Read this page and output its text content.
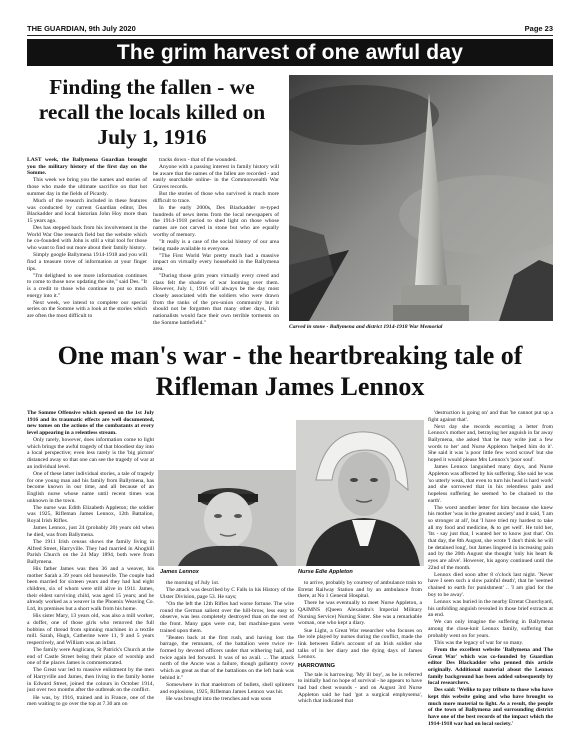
THE GUARDIAN, 9th July 2020	Page 23
The grim harvest of one awful day
Finding the fallen - we recall the locals killed on July 1, 1916

LAST week, the Ballymena Guardian brought you the military history of the first day on the Somme.

This week we bring you the names and stories of those who made the ultimate sacrifice on that hot summer day in the fields of Picardy.

Much of the research included in these features was conducted by current Guardian editor, Des Blackadder and local historian John Hoy more than 15 years ago.

Des has stepped back from his involvement in the World War One research field but the website which he co-founded with John is still a vital tool for those who want to find out more about their family history.

Simply google Ballymena 1914-1918 and you will find a treasure trove of information at your finger tips.

"I'm delighted to see more information continues to come to those now updating the site," said Des. "It is a credit to those who continue to put so much energy into it."

Next week, we intend to complete our special series on the Somme with a look at the stories which are often the most difficult to

tracks down - that of the wounded.

Anyone with a passing interest in family history will be aware that the names of the fallen are recorded - and easily searchable online- in the Commonwealth War Graves records.

But the stories of those who survived is much more difficult to trace.

In the early 2000s, Des Blackadder re-typed hundreds of news items from the local newspapers of the 1914-1918 period to shed light on those whose names are not carved in stone but who are equally worthy of memory.

"It really is a case of the social history of our area being made available to everyone.

"The First World War pretty much had a massive impact on virtually every household in the Ballymena area.

"During those grim years virtually every creed and class felt the shadow of war looming over them. However, July 1, 1916 will always be the day most closely associated with the soldiers who were drawn from the ranks of the pro-union community but it should not be forgotten that many other days, Irish nationalists would face their own terrible torments on the Somme battlefield."

Carved in stone - Ballymena and district 1914-1918 War Memorial
One man's war - the heartbreaking tale of Rifleman James Lennox

The Somme Offensive which opened on the 1st July 1916 and its traumatic effects are well documented, new tomes on the actions of the combatants at every level appearing in a relentless stream.

Only rarely, however, does information come to light which brings the awful tragedy of that bloodiest day into a local perspective; even less rarely is the 'big picture' distanced away so that one can see the tragedy of war at an individual level.

One of these latter individual stories, a tale of tragedy for one young man and his family from Ballymena, has become known in our time, and all because of an English nurse whose name until recent times was unknown in the town.

The nurse was Edith Elizabeth Appleton; the soldier was 1925, Rifleman James Lennox, 12th Battalion, Royal Irish Rifles.

James Lennox, just 24 (probably 20) years old when he died, was from Ballymena.

The 1911 Irish census shows the family living in Alfred Street, Harryville. They had married in Ahoghill Parish Church on the 24 May 1894, both were from Ballymena.

His father James was then 36 and a weaver, his mother Sarah a 39 years old housewife. The couple had been married for sixteen years and they had had eight children, six of whom were still alive in 1911. James, their eldest surviving child, was aged 15 years; and he already worked as a weaver in the Phoenix Weaving Co. Ltd, its premises but a short walk from his home.

His sister Mary, 13 years old, was also a mill worker, a doffer, one of those girls who removed the full bobbins of thread from spinning machines in a textile mill. Sarah, Hugh, Catherine were 11, 9 and 5 years respectively, and William was an infant.

The family were Anglicans, St Patrick's Church at the end of Castle Street being their place of worship and one of the places James is commemorated.

The Great war led to massive enlistment by the men of Harryville and James, then living in the family home in Edward Street, joined the colours in October 1914, just over two months after the outbreak on the conflict.

He was, by 1916, trained and in France, one of the men waiting to go over the top at 7.30 am on

James Lennox	Nurse Edie Appleton

the morning of July 1st.

The attack was described by C Falls in his History of the Ulster Division, page 53. He says;

"On the left the 12th Rifles had worse fortune. The wire round the German salient over the hill-brow, less easy to observe, was less completely destroyed than on the rest of the front. Many gaps were cut, but machine-guns were trained upon them.

"Beaten back at the first rush, and having lost the barrage, the remnants, of the battalion were twice re-formed by devoted officers under that withering hail, and twice again led forward. It was of no avail. ... The attack north of the Ancre was a failure, though gallantry covey which as great as that of the battalions on the left bank was behind it."

Somewhere in that maelstrom of bullets, shell splinters and explosions, 1925, Rifleman James Lennox was hit.

He was brought into the trenches and was soon

to arrive, probably by courtesy of ambulance train to Etretat Railway Station and by an ambulance from there, at No 1 General Hospital.

There he was eventually to meet Nurse Appleton, a QAIMNS (Queen Alexandra's Imperial Military Nursing Service) Nursing Sister. She was a remarkable woman, one who kept a diary.

Sue Light, a Great War researcher who focuses on the role played by nurses during the conflict, made the link between Edie's account of an Irish soldier she talks of in her diary and the dying days of James Lennox.

HARROWING

The tale is harrowing. 'My ill boy', as he is referred to initially had no hope of survival - he appears to have had bad chest wounds - and on August 3rd Nurse Appleton said he had 'got a surgical emphysema', which that indicated that

'destruction is going on' and that 'he cannot put up a fight against that'.

Next day she records escorting a letter from Lennox's mother and, betraying her anguish in far away Ballymena, she asked 'that he may write just a few words to her' and Nurse Appleton 'helped him do it'. She said it was 'a poor little few word scrawl' but she hoped it would please Mrs Lennox's 'poor soul'.

James Lennox languished many days, and Nurse Appleton was affected by his suffering. She said he was 'so utterly weak, that even to turn his head is hard work' and she sorrowed that in his relentless pain and hopeless suffering he seemed 'to be chained to the earth'.

The worst another letter for him because she knew his mother 'was in the greatest anxiety' and it said, 'I am so stronger at all', but 'I have tried my hardest to take all my food and medicine, & to get well'. He told her, 'Its - say just that, I wanted her to know just that'. On that day, the 8th August, she wrote 'I don't think he will be detained long', but James lingered in increasing pain and by the 20th August she thought 'only his heart & eyes are alive'. However, his agony continued until the 22nd of the month.

Lennox died soon after 8 o'clock last night. 'Never have I seen such a slow painful death', that he 'seemed chained to earth for punishment' .. 'I am glad for the boy to be away'.

Lennox was buried in the nearby Etretat Churchyard, his unfolding anguish revealed in those brief extracts at an end.

We can only imagine the suffering in Ballymena among the close-knit Lennox family, suffering that probably went on for years.

This was the legacy of war for so many.

From the excellent website 'Ballymena and The Great War' which was co-founded by Guardian editor Des Blackadder who penned this article originally. Additional material about the Lennox family background has been added subsequently by local researchers.

Des said: 'Welike to pay tribute to those who have kept this website going and who have brought so much more material to light. As a result, the people of the town of Ballymena and surrounding district have one of the best records of the impact which the 1914-1918 war had on local society.'
